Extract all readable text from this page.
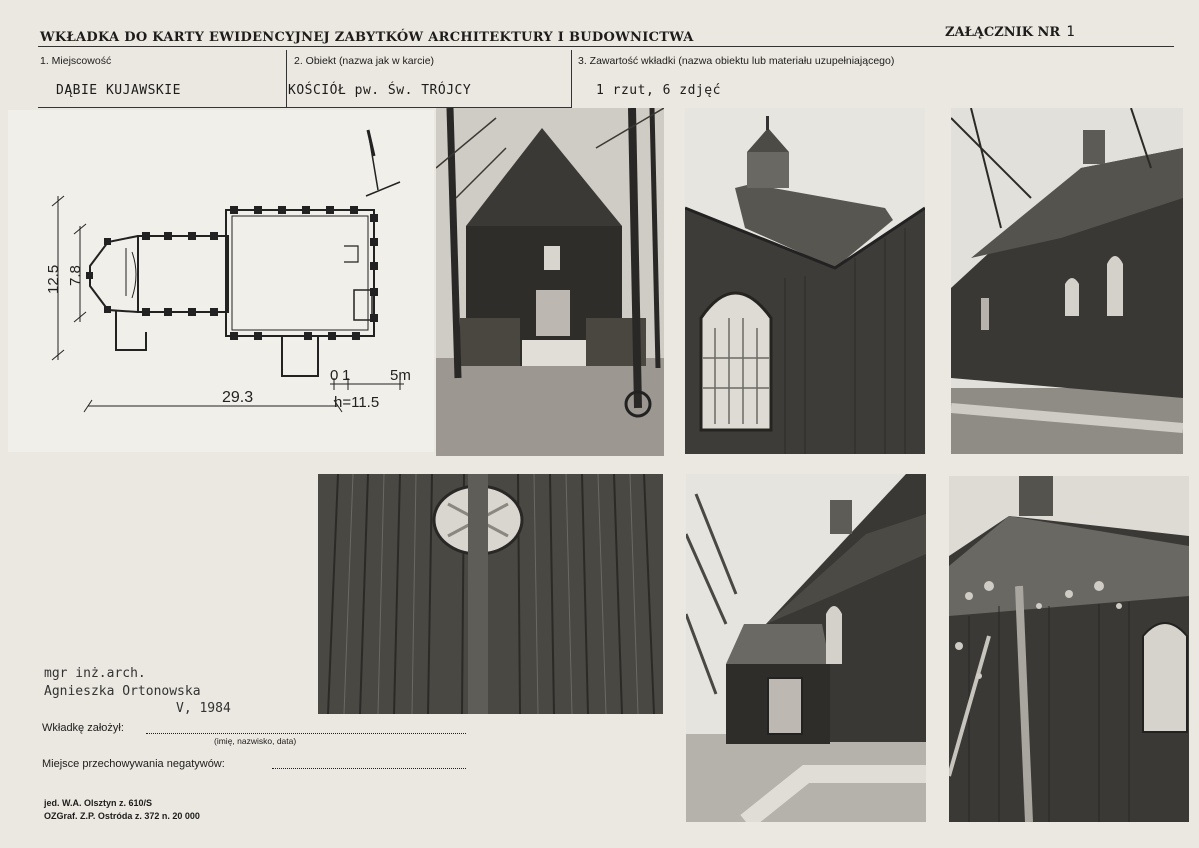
WKŁADKA DO KARTY EWIDENCYJNEJ ZABYTKÓW ARCHITEKTURY I BUDOWNICTWA	ZAŁĄCZNIK NR 1
1. Miejscowość
DĄBIE KUJAWSKIE
2. Obiekt (nazwa jak w karcie)
KOŚCIÓŁ pw. Św. TRÓJCY
3. Zawartość wkładki (nazwa obiektu lub materiału uzupełniającego)
1 rzut, 6 zdjęć
12.5 7.8
29.3
0 1	5m
h=11.5
mgr inż.arch.
Agnieszka Ortonowska
V, 1984
Wkładkę założył:
(imię, nazwisko, data)
Miejsce przechowywania negatywów:
jed. W.A. Olsztyn z. 610/S
OZGraf. Z.P. Ostróda z. 372 n. 20 000
